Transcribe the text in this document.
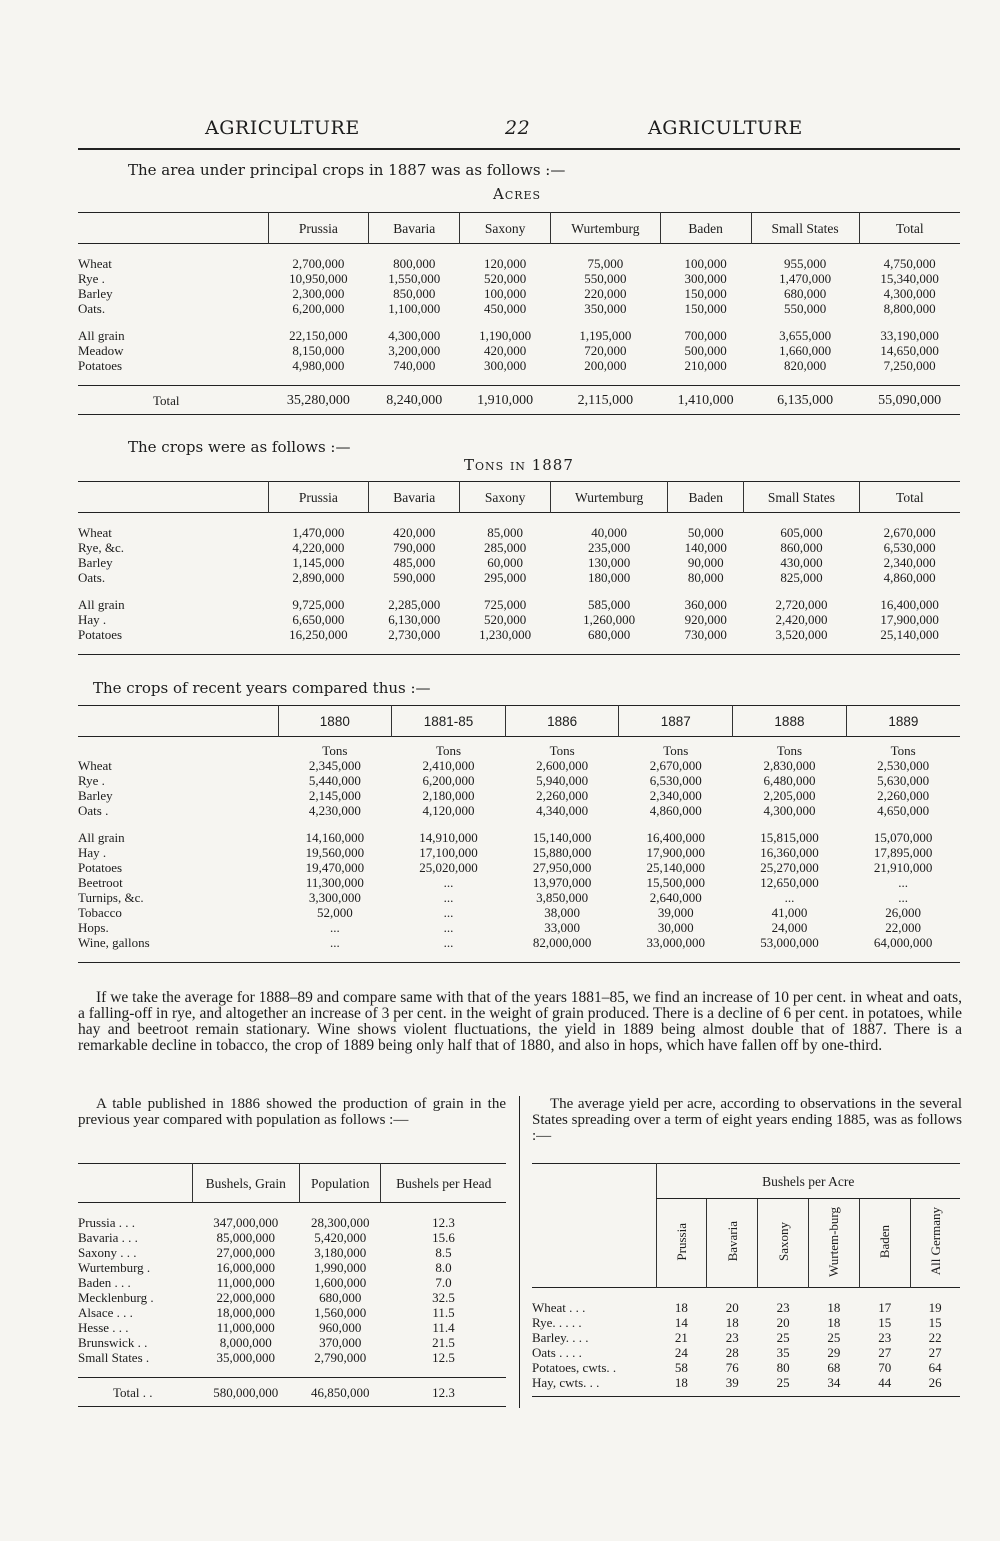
AGRICULTURE	22	AGRICULTURE
The area under principal crops in 1887 was as follows :—
Acres
	Prussia	Bavaria	Saxony	Wurtemburg	Baden	Small States	Total

Wheat	2,700,000	800,000	120,000	75,000	100,000	955,000	4,750,000
Rye .	10,950,000	1,550,000	520,000	550,000	300,000	1,470,000	15,340,000
Barley	2,300,000	850,000	100,000	220,000	150,000	680,000	4,300,000
Oats.	6,200,000	1,100,000	450,000	350,000	150,000	550,000	8,800,000

All grain	22,150,000	4,300,000	1,190,000	1,195,000	700,000	3,655,000	33,190,000
Meadow	8,150,000	3,200,000	420,000	720,000	500,000	1,660,000	14,650,000
Potatoes	4,980,000	740,000	300,000	200,000	210,000	820,000	7,250,000

Total	35,280,000	8,240,000	1,910,000	2,115,000	1,410,000	6,135,000	55,090,000
The crops were as follows :—
Tons in 1887
	Prussia	Bavaria	Saxony	Wurtemburg	Baden	Small States	Total

Wheat	1,470,000	420,000	85,000	40,000	50,000	605,000	2,670,000
Rye, &c.	4,220,000	790,000	285,000	235,000	140,000	860,000	6,530,000
Barley	1,145,000	485,000	60,000	130,000	90,000	430,000	2,340,000
Oats.	2,890,000	590,000	295,000	180,000	80,000	825,000	4,860,000

All grain	9,725,000	2,285,000	725,000	585,000	360,000	2,720,000	16,400,000
Hay .	6,650,000	6,130,000	520,000	1,260,000	920,000	2,420,000	17,900,000
Potatoes	16,250,000	2,730,000	1,230,000	680,000	730,000	3,520,000	25,140,000

The crops of recent years compared thus :—
	1880	1881-85	1886	1887	1888	1889
	Tons	Tons	Tons	Tons	Tons	Tons
Wheat	2,345,000	2,410,000	2,600,000	2,670,000	2,830,000	2,530,000
Rye .	5,440,000	6,200,000	5,940,000	6,530,000	6,480,000	5,630,000
Barley	2,145,000	2,180,000	2,260,000	2,340,000	2,205,000	2,260,000
Oats .	4,230,000	4,120,000	4,340,000	4,860,000	4,300,000	4,650,000

All grain	14,160,000	14,910,000	15,140,000	16,400,000	15,815,000	15,070,000
Hay .	19,560,000	17,100,000	15,880,000	17,900,000	16,360,000	17,895,000
Potatoes	19,470,000	25,020,000	27,950,000	25,140,000	25,270,000	21,910,000
Beetroot	11,300,000	...	13,970,000	15,500,000	12,650,000	...
Turnips, &c.	3,300,000	...	3,850,000	2,640,000	...	...
Tobacco	52,000	...	38,000	39,000	41,000	26,000
Hops.	...	...	33,000	30,000	24,000	22,000
Wine, gallons	...	...	82,000,000	33,000,000	53,000,000	64,000,000

If we take the average for 1888–89 and compare same with that of the years 1881–85, we find an increase of 10 per cent. in wheat and oats, a falling-off in rye, and altogether an increase of 3 per cent. in the weight of grain produced. There is a decline of 6 per cent. in potatoes, while hay and beetroot remain stationary. Wine shows violent fluctuations, the yield in 1889 being almost double that of 1887. There is a remarkable decline in tobacco, the crop of 1889 being only half that of 1880, and also in hops, which have fallen off by one-third.

A table published in 1886 showed the production of grain in the previous year compared with population as follows :—

	Bushels, Grain	Population	Bushels per Head

Prussia . . .	347,000,000	28,300,000	12.3
Bavaria . . .	85,000,000	5,420,000	15.6
Saxony . . .	27,000,000	3,180,000	8.5
Wurtemburg .	16,000,000	1,990,000	8.0
Baden . . .	11,000,000	1,600,000	7.0
Mecklenburg .	22,000,000	680,000	32.5
Alsace . . .	18,000,000	1,560,000	11.5
Hesse . . .	11,000,000	960,000	11.4
Brunswick . .	8,000,000	370,000	21.5
Small States .	35,000,000	2,790,000	12.5

Total . .	580,000,000	46,850,000	12.3

The average yield per acre, according to observations in the several States spreading over a term of eight years ending 1885, was as follows :—

	Bushels per Acre					
	Prussia	Bavaria	Saxony	Wurtem-burg	Baden	All Germany

Wheat . . .	18	20	23	18	17	19
Rye. . . . .	14	18	20	18	15	15
Barley. . . .	21	23	25	25	23	22
Oats . . . .	24	28	35	29	27	27
Potatoes, cwts. .	58	76	80	68	70	64
Hay, cwts. . .	18	39	25	34	44	26
